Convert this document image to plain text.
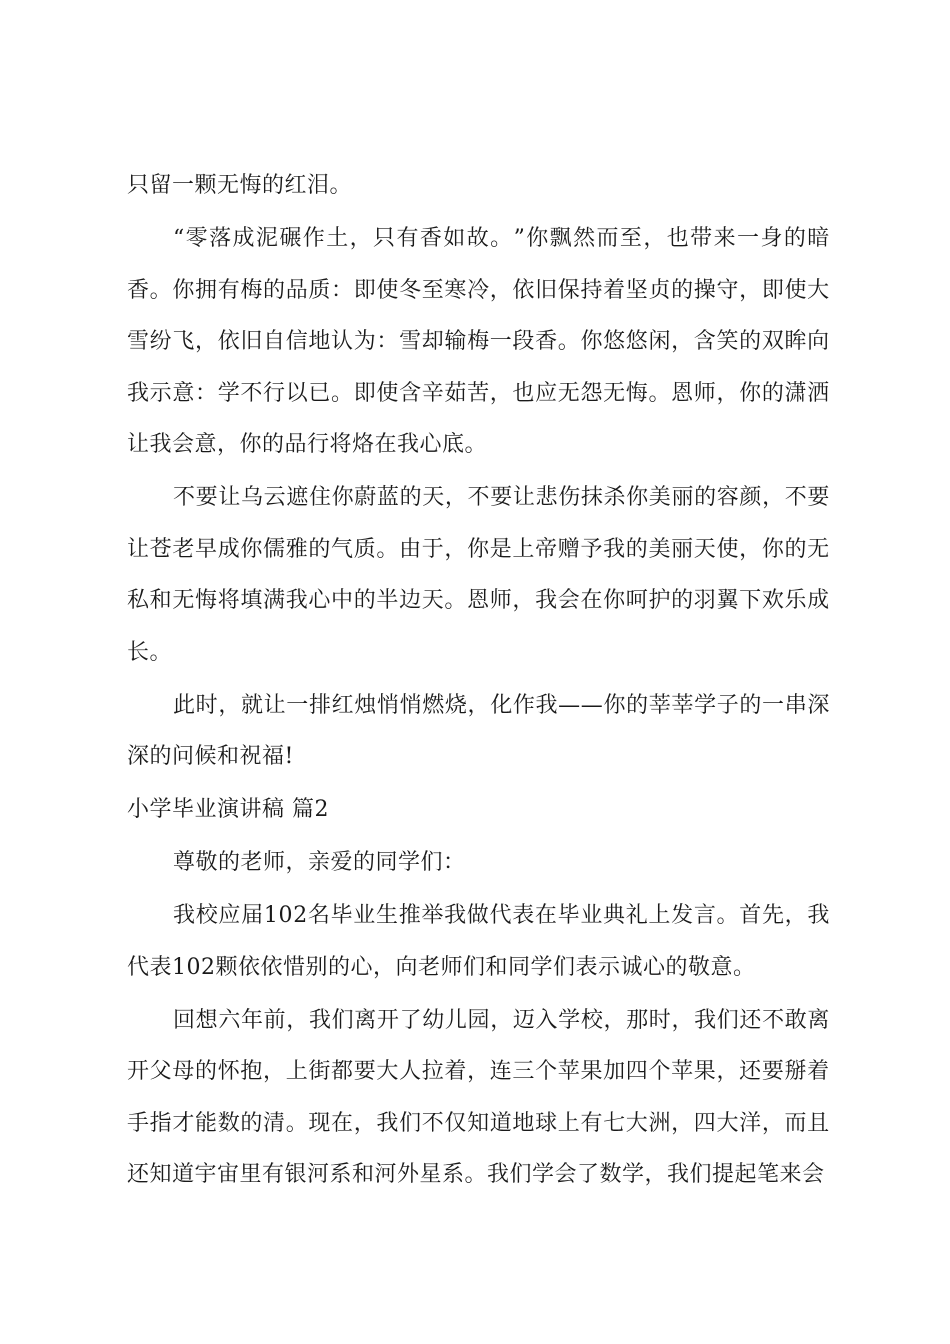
只留一颗无悔的红泪。
“ 零 落 成 泥 碾 作 土 ， 只 有 香 如 故 。 ” 你 飘 然 而 至 ， 也 带 来 一 身 的 暗
香 。 你 拥 有 梅 的 品 质 ： 即 使 冬 至 寒 冷 ， 依 旧 保 持 着 坚 贞 的 操 守 ， 即 使 大
雪 纷 飞 ， 依 旧 自 信 地 认 为 ： 雪 却 输 梅 一 段 香 。 你 悠 悠 闲 ， 含 笑 的 双 眸 向
我 示 意 ： 学 不 行 以 已 。 即 使 含 辛 茹 苦 ， 也 应 无 怨 无 悔 。 恩 师 ， 你 的 潇 洒
让我会意，你的品行将烙在我心底。
不 要 让 乌 云 遮 住 你 蔚 蓝 的 天 ， 不 要 让 悲 伤 抹 杀 你 美 丽 的 容 颜 ， 不 要
让 苍 老 早 成 你 儒 雅 的 气 质 。 由 于 ， 你 是 上 帝 赠 予 我 的 美 丽 天 使 ， 你 的 无
私 和 无 悔 将 填 满 我 心 中 的 半 边 天 。 恩 师 ， 我 会 在 你 呵 护 的 羽 翼 下 欢 乐 成
长。
此 时 ， 就 让 一 排 红 烛 悄 悄 燃 烧 ， 化 作 我 — — 你 的 莘 莘 学 子 的 一 串 深
深的问候和祝福!
小学毕业演讲稿 篇2
尊敬的老师，亲爱的同学们：
我 校 应 届 1 0 2 名 毕 业 生 推 举 我 做 代 表 在 毕 业 典 礼 上 发 言 。 首 先 ， 我
代表102颗依依惜别的心，向老师们和同学们表示诚心的敬意。
回 想 六 年 前 ， 我 们 离 开 了 幼 儿 园 ， 迈 入 学 校 ， 那 时 ， 我 们 还 不 敢 离
开 父 母 的 怀 抱 ， 上 街 都 要 大 人 拉 着 ， 连 三 个 苹 果 加 四 个 苹 果 ， 还 要 掰 着
手 指 才 能 数 的 清 。 现 在 ， 我 们 不 仅 知 道 地 球 上 有 七 大 洲 ， 四 大 洋 ， 而 且
还知道宇宙里有银河系和河外星系。我们学会了数学，我们提起笔来会
